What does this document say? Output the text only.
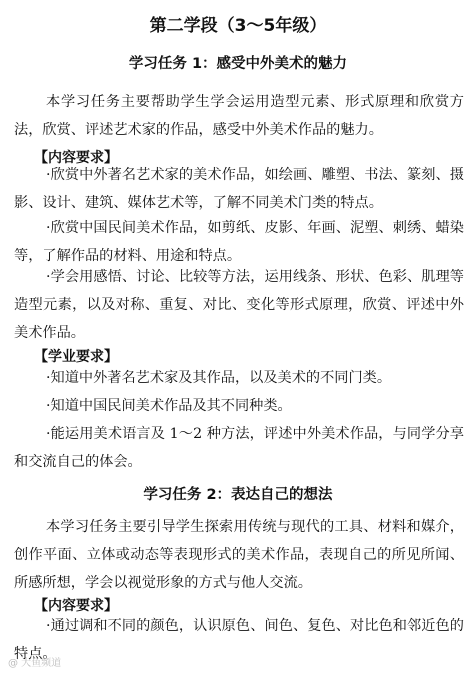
第二学段（3～5年级）
学习任务 1：感受中外美术的魅力
本学习任务主要帮助学生学会运用造型元素、形式原理和欣赏方法，欣赏、评述艺术家的作品，感受中外美术作品的魅力。
【内容要求】
·欣赏中外著名艺术家的美术作品，如绘画、雕塑、书法、篆刻、摄影、设计、建筑、媒体艺术等，了解不同美术门类的特点。
·欣赏中国民间美术作品，如剪纸、皮影、年画、泥塑、刺绣、蜡染等，了解作品的材料、用途和特点。
·学会用感悟、讨论、比较等方法，运用线条、形状、色彩、肌理等造型元素，以及对称、重复、对比、变化等形式原理，欣赏、评述中外美术作品。
【学业要求】
·知道中外著名艺术家及其作品，以及美术的不同门类。
·知道中国民间美术作品及其不同种类。
·能运用美术语言及 1～2 种方法，评述中外美术作品，与同学分享和交流自己的体会。
学习任务 2：表达自己的想法
本学习任务主要引导学生探索用传统与现代的工具、材料和媒介，创作平面、立体或动态等表现形式的美术作品，表现自己的所见所闻、所感所想，学会以视觉形象的方式与他人交流。
【内容要求】
·通过调和不同的颜色，认识原色、间色、复色、对比色和邻近色的特点。
@ 大鱼频道
